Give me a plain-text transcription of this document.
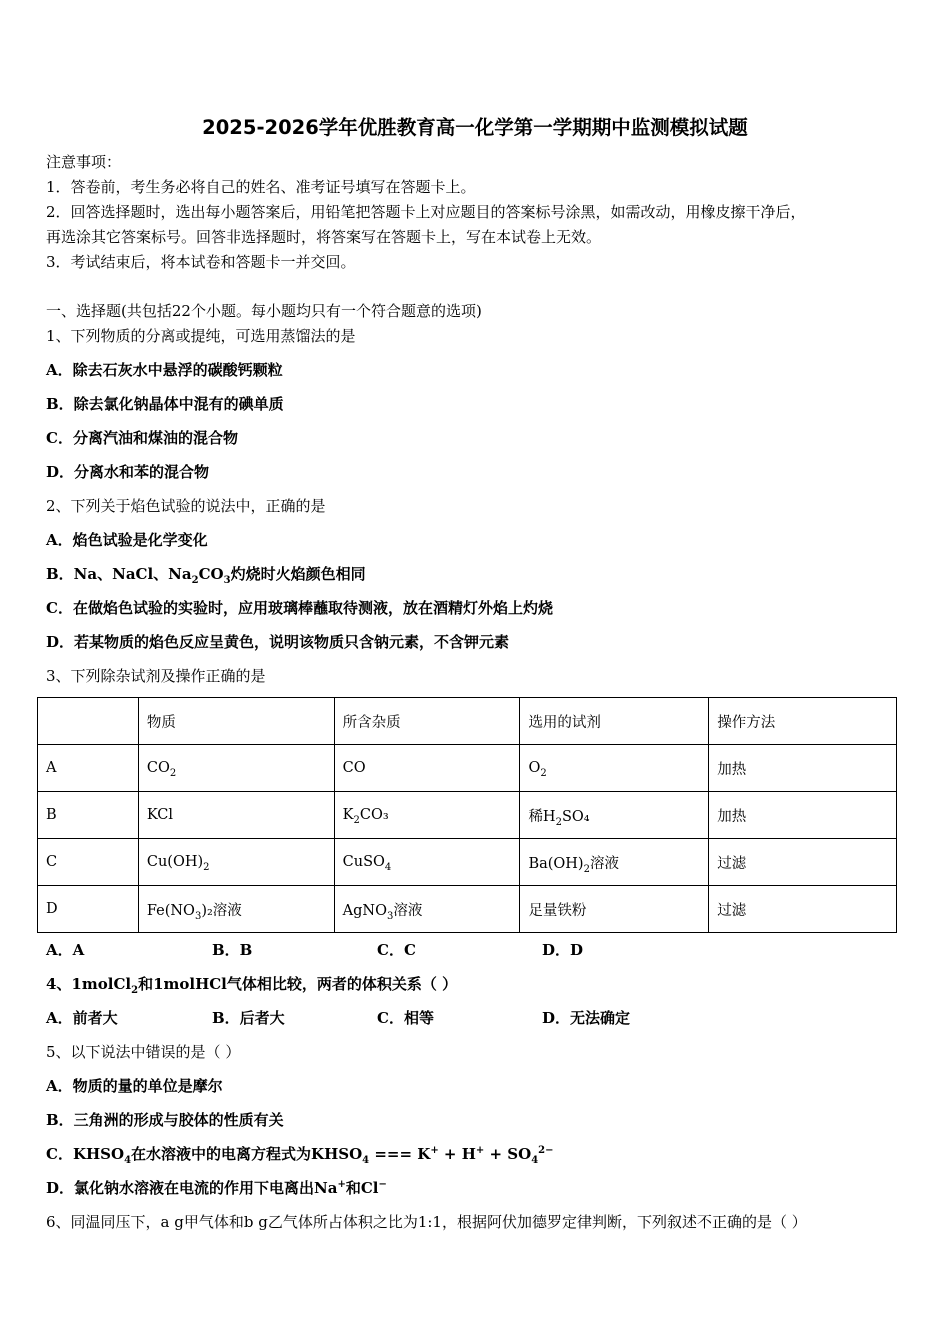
2025-2026学年优胜教育高一化学第一学期期中监测模拟试题
注意事项：
1．答卷前，考生务必将自己的姓名、准考证号填写在答题卡上。
2．回答选择题时，选出每小题答案后，用铅笔把答题卡上对应题目的答案标号涂黑，如需改动，用橡皮擦干净后，
再选涂其它答案标号。回答非选择题时，将答案写在答题卡上，写在本试卷上无效。
3．考试结束后，将本试卷和答题卡一并交回。
一、选择题(共包括22个小题。每小题均只有一个符合题意的选项)
1、下列物质的分离或提纯，可选用蒸馏法的是
A．除去石灰水中悬浮的碳酸钙颗粒
B．除去氯化钠晶体中混有的碘单质
C．分离汽油和煤油的混合物
D．分离水和苯的混合物
2、下列关于焰色试验的说法中，正确的是
A．焰色试验是化学变化
B．Na、NaCl、$Na_2CO_3$灼烧时火焰颜色相同
C．在做焰色试验的实验时，应用玻璃棒蘸取待测液，放在酒精灯外焰上灼烧
D．若某物质的焰色反应呈黄色，说明该物质只含钠元素，不含钾元素
3、下列除杂试剂及操作正确的是
	物质	所含杂质	选用的试剂	操作方法
A	$CO_2$	CO	$O_2$	加热
B	KCl	$K_2CO_3$	稀$H_2SO_4$	加热
C	$Cu(OH)_2$	CuSO$_4$	$Ba(OH)_2$溶液	过滤
D	$Fe(NO_3)_2$溶液	AgNO$_3$溶液	足量铁粉	过滤
A．A	B．B	C．C	D．D
4、1molCl$_2$和1molHCl气体相比较，两者的体积关系（ ）
A．前者大	B．后者大	C．相等	D．无法确定
5、以下说法中错误的是（ ）
A．物质的量的单位是摩尔
B．三角洲的形成与胶体的性质有关
C．$KHSO_4$在水溶液中的电离方程式为$KHSO_4$ === $K^+ + H^+ + SO_4^{2-}$
D．氯化钠水溶液在电流的作用下电离出Na+和Cl−
6、同温同压下，a g甲气体和b g乙气体所占体积之比为1:1，根据阿伏加德罗定律判断，下列叙述不正确的是（ ）
